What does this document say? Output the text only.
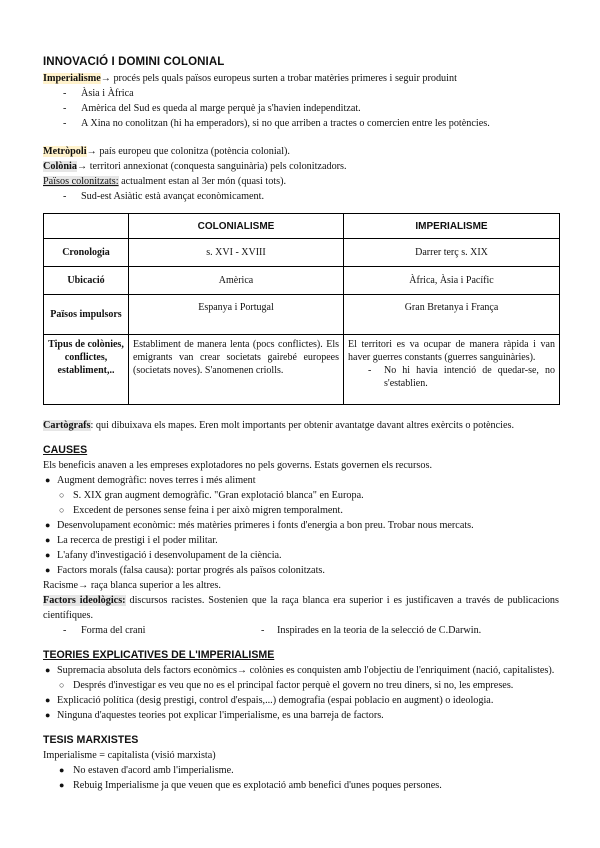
INNOVACIÓ I DOMINI COLONIAL

Imperialisme→ procés pels quals països europeus surten a trobar matèries primeres i seguir produint

-	Àsia i Àfrica
-	Amèrica del Sud es queda al marge perquè ja s'havien independitzat.
-	A Xina no conolitzan (hi ha emperadors), si no que arriben a tractes o comercien entre les potències.

Metròpoli→ país europeu que colonitza (potència colonial).

Colònia→ territori annexionat (conquesta sanguinària) pels colonitzadors.

Països colonitzats: actualment estan al 3er món (quasi tots).

-	Sud-est Asiàtic està avançat econòmicament.
	COLONIALISME	IMPERIALISME
Cronologia	s. XVI - XVIII	Darrer terç s. XIX
Ubicació	Amèrica	Àfrica, Àsia i Pacífic
Països impulsors	Espanya i Portugal	Gran Bretanya i França
Tipus de colònies, conflictes, establiment,..	Establiment de manera lenta (pocs conflictes). Els emigrants van crear societats gairebé europees (societats noves). S'anomenen criolls.	El territori es va ocupar de manera ràpida i van haver guerres constants (guerres sanguinàries).
- No hi havia intenció de quedar-se, no s'establien.

Cartògrafs: qui dibuixava els mapes. Eren molt importants per obtenir avantatge davant altres exèrcits o potències.

CAUSES

Els beneficis anaven a les empreses explotadores no pels governs. Estats governen els recursos.

● Augment demogràfic: noves terres i més aliment
○ S. XIX gran augment demogràfic. "Gran explotació blanca" en Europa.
○ Excedent de persones sense feina i per això migren temporalment.
● Desenvolupament econòmic: més matèries primeres i fonts d'energia a bon preu. Trobar nous mercats.
● La recerca de prestigi i el poder militar.
● L'afany d'investigació i desenvolupament de la ciència.
● Factors morals (falsa causa): portar progrés als països colonitzats.

Racisme→ raça blanca superior a les altres.

Factors ideològics: discursos racistes. Sostenien que la raça blanca era superior i es justificaven a través de publicacions científiques.

- Forma del crani	- Inspirades en la teoria de la selecció de C.Darwin.

TEORIES EXPLICATIVES DE L'IMPERIALISME

● Supremacia absoluta dels factors econòmics→ colònies es conquisten amb l'objectiu de l'enriquiment (nació, capitalistes).
○ Després d'investigar es veu que no es el principal factor perquè el govern no treu diners, si no, les empreses.
● Explicació política (desig prestigi, control d'espais,...) demografia (espai poblacio en augment) o ideologia.
● Ninguna d'aquestes teories pot explicar l'imperialisme, es una barreja de factors.

TESIS MARXISTES

Imperialisme = capitalista (visió marxista)

● No estaven d'acord amb l'imperialisme.
● Rebuig Imperialisme ja que veuen que es explotació amb benefici d'unes poques persones.
